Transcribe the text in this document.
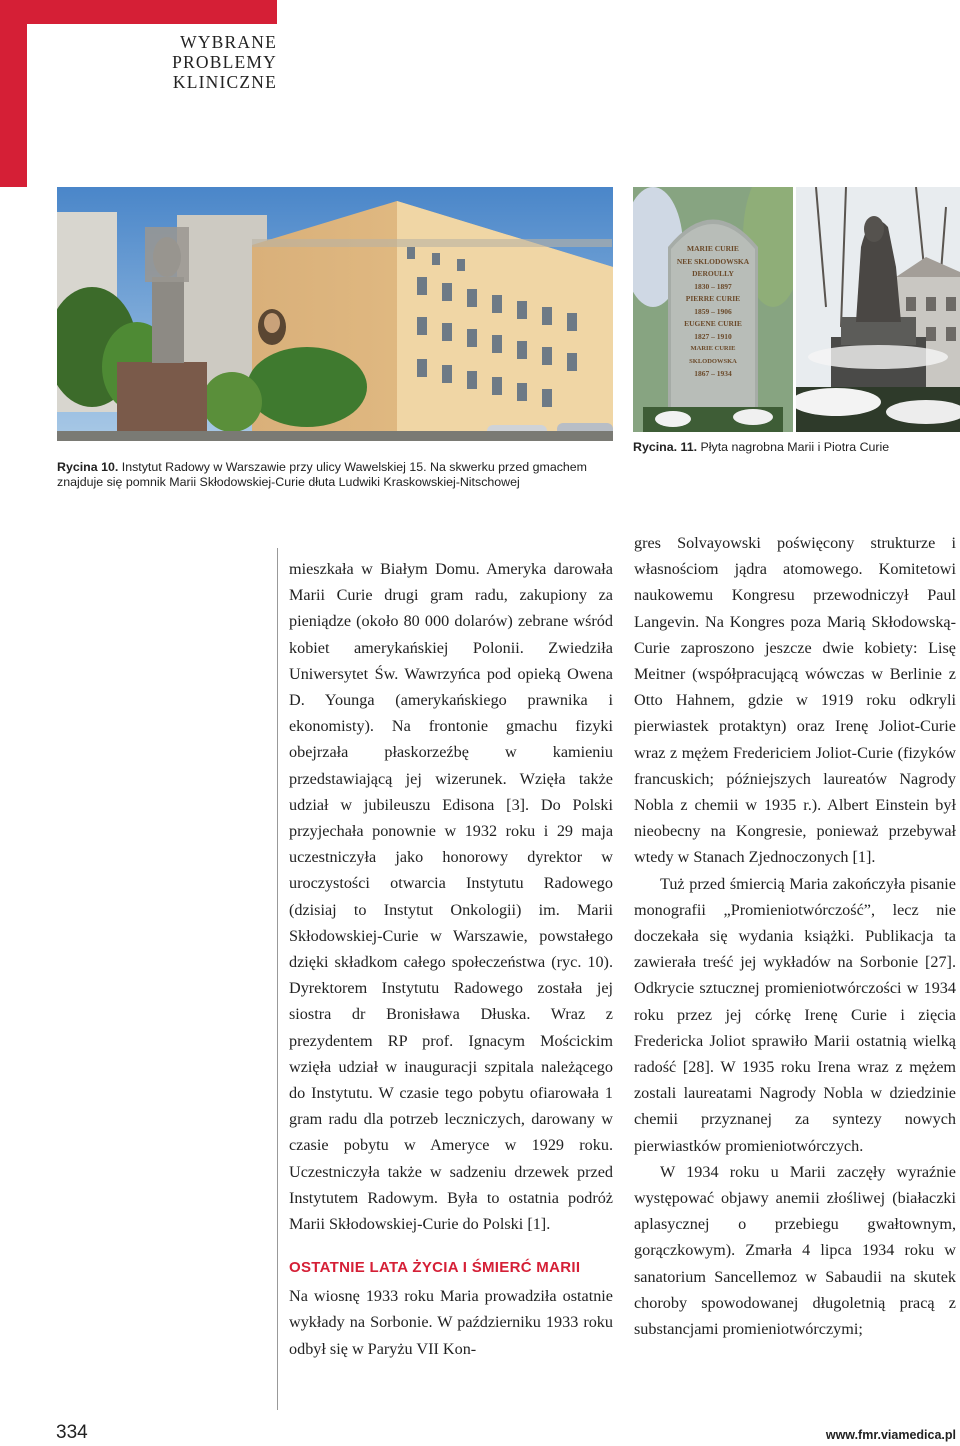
WYBRANE
PROBLEMY
KLINICZNE
MARIE CURIE
NEE SKLODOWSKA
DEROULLY
1830 – 1897
PIERRE CURIE
1859 – 1906
EUGENE CURIE
1827 – 1910
MARIE CURIE SKLODOWSKA
1867 – 1934
Rycina 10. Instytut Radowy w Warszawie przy ulicy Wawelskiej 15. Na skwerku przed gmachem znajduje się pomnik Marii Skłodowskiej-Curie dłuta Ludwiki Kraskowskiej-Nitschowej
Rycina. 11. Płyta nagrobna Marii i Piotra Curie

mieszkała w Białym Domu. Ameryka darowała Marii Curie drugi gram radu, zakupiony za pieniądze (około 80 000 dolarów) zebrane wśród kobiet amerykańskiej Polonii. Zwiedziła Uniwersytet Św. Wawrzyńca pod opieką Owena D. Younga (amerykańskiego prawnika i ekonomisty). Na frontonie gmachu fizyki obejrzała płaskorzeźbę w kamieniu przedstawiającą jej wizerunek. Wzięła także udział w jubileuszu Edisona [3]. Do Polski przyjechała ponownie w 1932 roku i 29 maja uczestniczyła jako honorowy dyrektor w uroczystości otwarcia Instytutu Radowego (dzisiaj to Instytut Onkologii) im. Marii Skłodowskiej-Curie w Warszawie, powstałego dzięki składkom całego społeczeństwa (ryc. 10). Dyrektorem Instytutu Radowego została jej siostra dr Bronisława Dłuska. Wraz z prezydentem RP prof. Ignacym Mościckim wzięła udział w inauguracji szpitala należącego do Instytutu. W czasie tego pobytu ofiarowała 1 gram radu dla potrzeb leczniczych, darowany w czasie pobytu w Ameryce w 1929 roku. Uczestniczyła także w sadzeniu drzewek przed Instytutem Radowym. Była to ostatnia podróż Marii Skłodowskiej-Curie do Polski [1].

OSTATNIE LATA ŻYCIA I ŚMIERĆ MARII

Na wiosnę 1933 roku Maria prowadziła ostatnie wykłady na Sorbonie. W październiku 1933 roku odbył się w Paryżu VII Kon-

gres Solvayowski poświęcony strukturze i własnościom jądra atomowego. Komitetowi naukowemu Kongresu przewodniczył Paul Langevin. Na Kongres poza Marią Skłodowską-Curie zaproszono jeszcze dwie kobiety: Lisę Meitner (współpracującą wówczas w Berlinie z Otto Hahnem, gdzie w 1919 roku odkryli pierwiastek protaktyn) oraz Irenę Joliot-Curie wraz z mężem Fredericiem Joliot-Curie (fizyków francuskich; późniejszych laureatów Nagrody Nobla z chemii w 1935 r.). Albert Einstein był nieobecny na Kongresie, ponieważ przebywał wtedy w Stanach Zjednoczonych [1].

Tuż przed śmiercią Maria zakończyła pisanie monografii „Promieniotwórczość”, lecz nie doczekała się wydania książki. Publikacja ta zawierała treść jej wykładów na Sorbonie [27]. Odkrycie sztucznej promieniotwórczości w 1934 roku przez jej córkę Irenę Curie i zięcia Fredericka Joliot sprawiło Marii ostatnią wielką radość [28]. W 1935 roku Irena wraz z mężem zostali laureatami Nagrody Nobla w dziedzinie chemii przyznanej za syntezy nowych pierwiastków promieniotwórczych.

W 1934 roku u Marii zaczęły wyraźnie występować objawy anemii złośliwej (białaczki aplasycznej o przebiegu gwałtownym, gorączkowym). Zmarła 4 lipca 1934 roku w sanatorium Sancellemoz w Sabaudii na skutek choroby spowodowanej długoletnią pracą z substancjami promieniotwórczymi;

334	www.fmr.viamedica.pl
